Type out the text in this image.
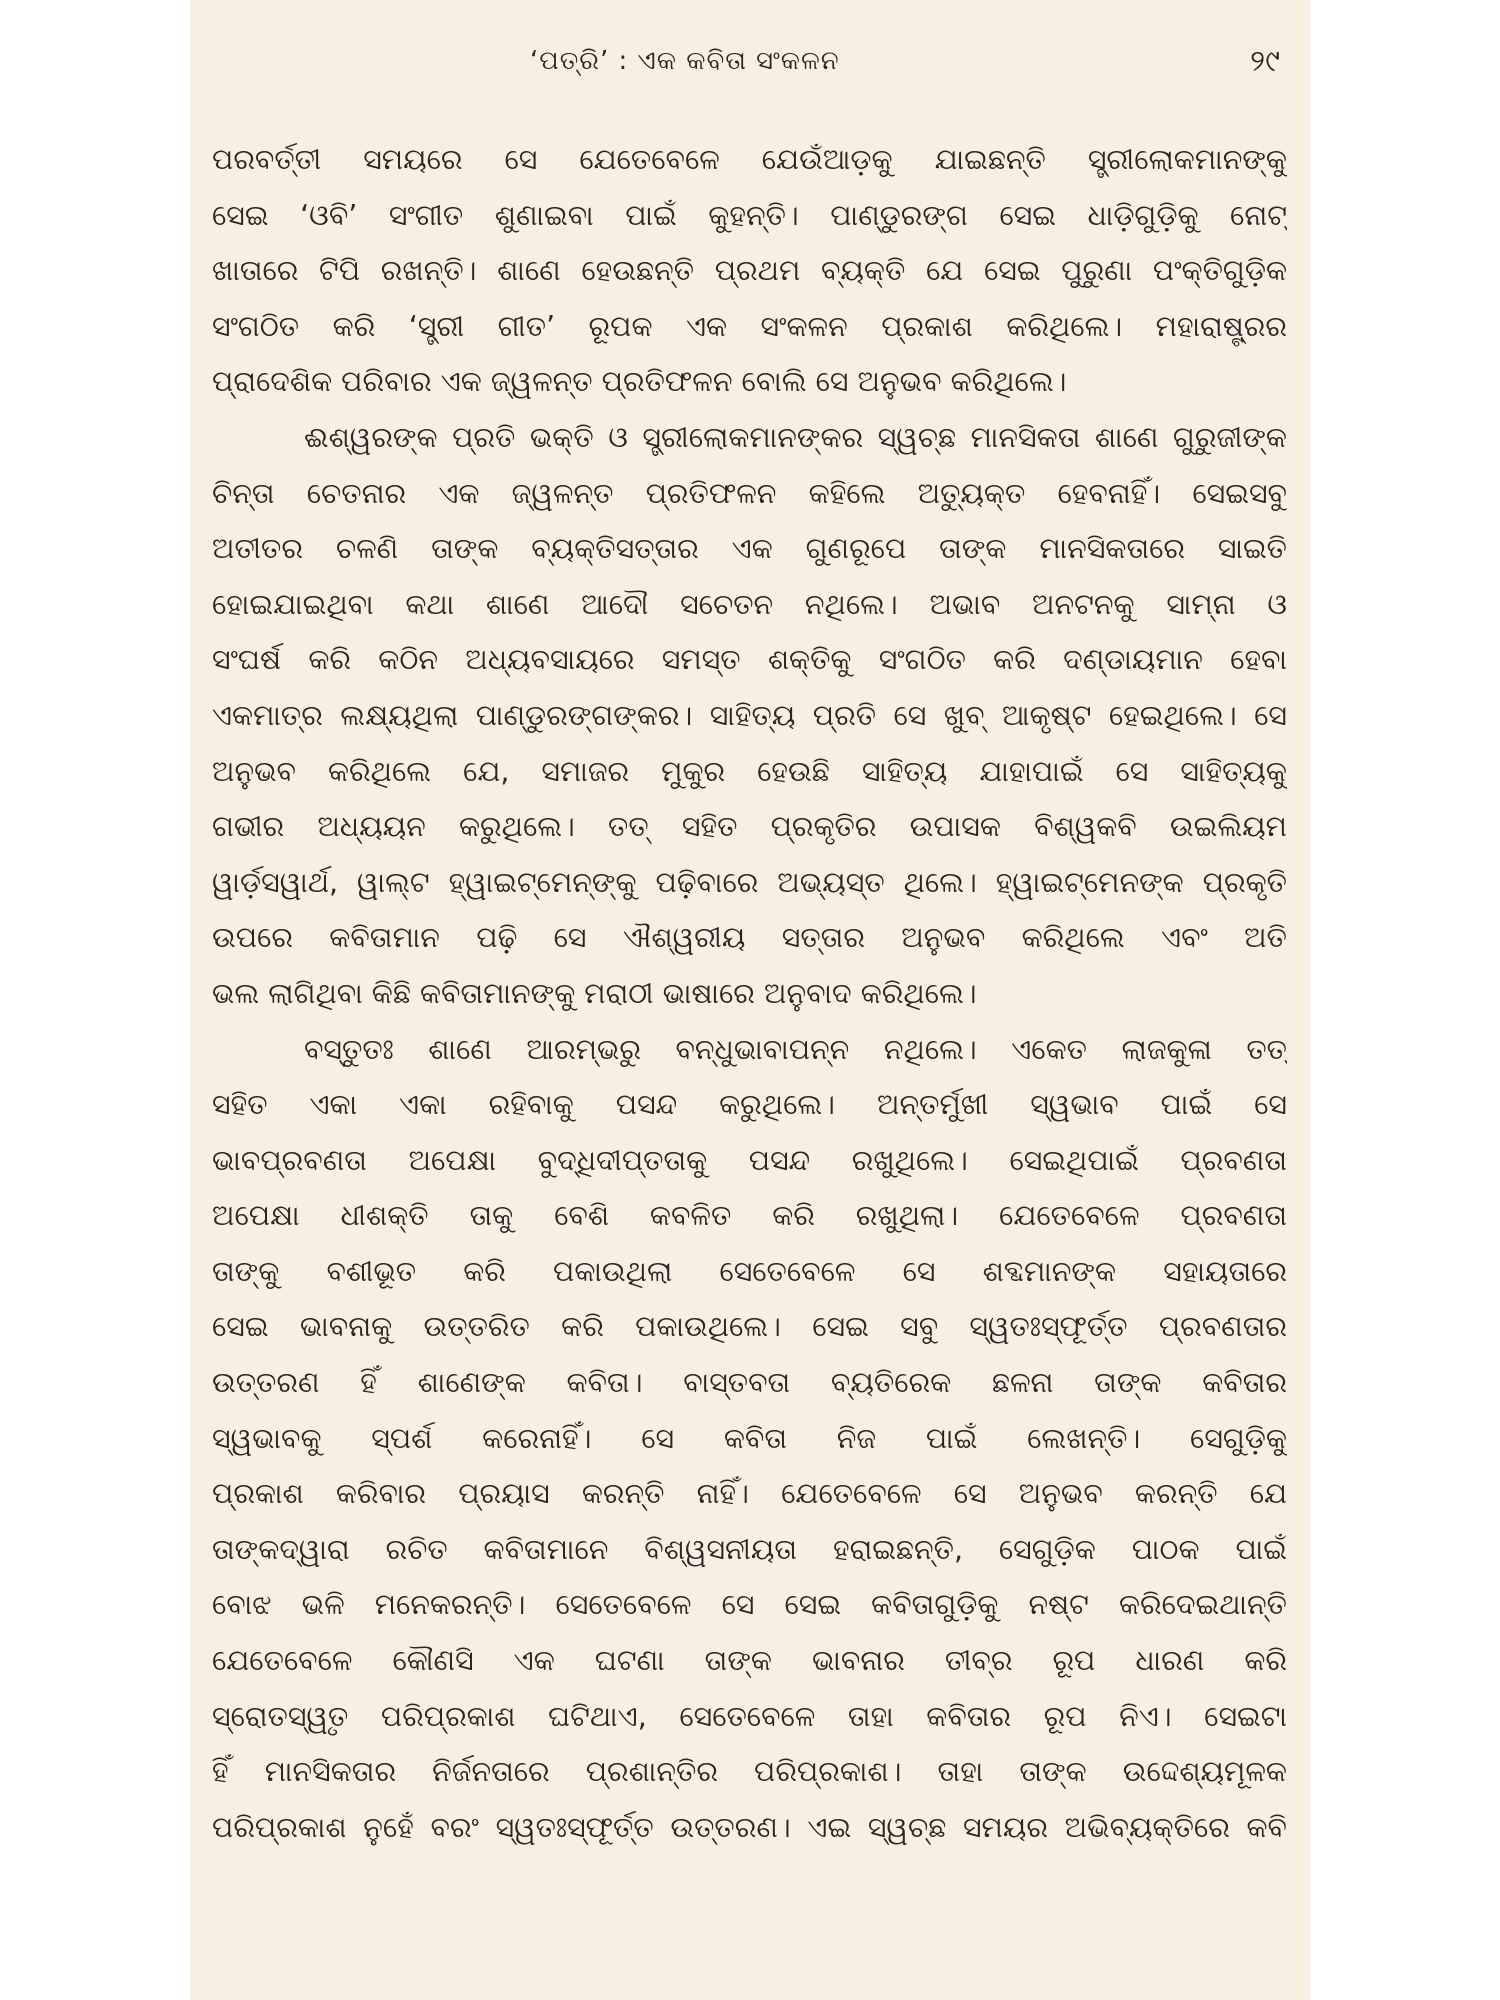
‘ପତ୍ରି’ : ଏକ କବିତା ସଂକଳନ	୨୯
ପରବର୍ତ୍ତୀ ସମୟରେ ସେ ଯେତେବେଳେ ଯେଉଁଆଡ଼କୁ ଯାଇଛନ୍ତି ସ୍ତ୍ରୀଲୋକମାନଙ୍କୁ
ସେଇ ‘ଓବି’ ସଂଗୀତ ଶୁଣାଇବା ପାଇଁ କୁହନ୍ତି। ପାଣ୍ଡୁରଙ୍ଗ ସେଇ ଧାଡ଼ିଗୁଡ଼ିକୁ ନୋଟ୍
ଖାତାରେ ଟିପି ରଖନ୍ତି। ଶାଣେ ହେଉଛନ୍ତି ପ୍ରଥମ ବ୍ୟକ୍ତି ଯେ ସେଇ ପୁରୁଣା ପଂକ୍ତିଗୁଡ଼ିକ
ସଂଗଠିତ କରି ‘ସ୍ତ୍ରୀ ଗୀତ’ ରୂପକ ଏକ ସଂକଳନ ପ୍ରକାଶ କରିଥିଲେ। ମହାରାଷ୍ଟ୍ରର
ପ୍ରାଦେଶିକ ପରିବାର ଏକ ଜ୍ୱଳନ୍ତ ପ୍ରତିଫଳନ ବୋଲି ସେ ଅନୁଭବ କରିଥିଲେ।
ଈଶ୍ୱରଙ୍କ ପ୍ରତି ଭକ୍ତି ଓ ସ୍ତ୍ରୀଲୋକମାନଙ୍କର ସ୍ୱଚ୍ଛ ମାନସିକତା ଶାଣେ ଗୁରୁଜୀଙ୍କ
ଚିନ୍ତା ଚେତନାର ଏକ ଜ୍ୱଳନ୍ତ ପ୍ରତିଫଳନ କହିଲେ ଅତ୍ୟୁକ୍ତ ହେବନାହିଁ। ସେଇସବୁ
ଅତୀତର ଚଳଣି ତାଙ୍କ ବ୍ୟକ୍ତିସତ୍ତାର ଏକ ଗୁଣରୂପେ ତାଙ୍କ ମାନସିକତାରେ ସାଇତି
ହୋଇଯାଇଥିବା କଥା ଶାଣେ ଆଦୌ ସଚେତନ ନଥିଲେ। ଅଭାବ ଅନଟନକୁ ସାମ୍ନା ଓ
ସଂଘର୍ଷ କରି କଠିନ ଅଧ୍ୟବସାୟରେ ସମସ୍ତ ଶକ୍ତିକୁ ସଂଗଠିତ କରି ଦଣ୍ଡାୟମାନ ହେବା
ଏକମାତ୍ର ଲକ୍ଷ୍ୟଥିଲା ପାଣ୍ଡୁରଙ୍ଗଙ୍କର। ସାହିତ୍ୟ ପ୍ରତି ସେ ଖୁବ୍ ଆକୃଷ୍ଟ ହେଇଥିଲେ। ସେ
ଅନୁଭବ କରିଥିଲେ ଯେ, ସମାଜର ମୁକୁର ହେଉଛି ସାହିତ୍ୟ ଯାହାପାଇଁ ସେ ସାହିତ୍ୟକୁ
ଗଭୀର ଅଧ୍ୟୟନ କରୁଥିଲେ। ତତ୍ ସହିତ ପ୍ରକୃତିର ଉପାସକ ବିଶ୍ୱକବି ଉଇଲିୟମ
ୱାର୍ଡ଼ସୱାର୍ଥ, ୱାଲ୍ଟ ହ୍ୱାଇଟ୍ମେନ୍ଙ୍କୁ ପଢ଼ିବାରେ ଅଭ୍ୟସ୍ତ ଥିଲେ। ହ୍ୱାଇଟ୍ମେନଙ୍କ ପ୍ରକୃତି
ଉପରେ କବିତାମାନ ପଢ଼ି ସେ ଐଶ୍ୱରୀୟ ସତ୍ତାର ଅନୁଭବ କରିଥିଲେ ଏବଂ ଅତି
ଭଲ ଲାଗିଥିବା କିଛି କବିତାମାନଙ୍କୁ ମରାଠୀ ଭାଷାରେ ଅନୁବାଦ କରିଥିଲେ।
ବସ୍ତୁତଃ ଶାଣେ ଆରମ୍ଭରୁ ବନ୍ଧୁଭାବାପନ୍ନ ନଥିଲେ। ଏକେତ ଲାଜକୁଳା ତତ୍
ସହିତ ଏକା ଏକା ରହିବାକୁ ପସନ୍ଦ କରୁଥିଲେ। ଅନ୍ତର୍ମୁଖୀ ସ୍ୱଭାବ ପାଇଁ ସେ
ଭାବପ୍ରବଣତା ଅପେକ୍ଷା ବୁଦ୍ଧିଦୀପ୍ତତାକୁ ପସନ୍ଦ ରଖୁଥିଲେ। ସେଇଥିପାଇଁ ପ୍ରବଣତା
ଅପେକ୍ଷା ଧୀଶକ୍ତି ତାକୁ ବେଶି କବଳିତ କରି ରଖୁଥିଲା। ଯେତେବେଳେ ପ୍ରବଣତା
ତାଙ୍କୁ ବଶୀଭୂତ କରି ପକାଉଥିଲା ସେତେବେଳେ ସେ ଶବ୍ଦମାନଙ୍କ ସହାୟତାରେ
ସେଇ ଭାବନାକୁ ଉତ୍ତରିତ କରି ପକାଉଥିଲେ। ସେଇ ସବୁ ସ୍ୱତଃସ୍ଫୂର୍ତ୍ତ ପ୍ରବଣତାର
ଉତ୍ତରଣ ହିଁ ଶାଣେଙ୍କ କବିତା। ବାସ୍ତବତା ବ୍ୟତିରେକ ଛଳନା ତାଙ୍କ କବିତାର
ସ୍ୱଭାବକୁ ସ୍ପର୍ଶ କରେନାହିଁ। ସେ କବିତା ନିଜ ପାଇଁ ଲେଖନ୍ତି। ସେଗୁଡ଼ିକୁ
ପ୍ରକାଶ କରିବାର ପ୍ରୟାସ କରନ୍ତି ନାହିଁ। ଯେତେବେଳେ ସେ ଅନୁଭବ କରନ୍ତି ଯେ
ତାଙ୍କଦ୍ୱାରା ରଚିତ କବିତାମାନେ ବିଶ୍ୱସନୀୟତା ହରାଇଛନ୍ତି, ସେଗୁଡ଼ିକ ପାଠକ ପାଇଁ
ବୋଝ ଭଳି ମନେକରନ୍ତି। ସେତେବେଳେ ସେ ସେଇ କବିତାଗୁଡ଼ିକୁ ନଷ୍ଟ କରିଦେଇଥାନ୍ତି
ଯେତେବେଳେ କୌଣସି ଏକ ଘଟଣା ତାଙ୍କ ଭାବନାର ତୀବ୍ର ରୂପ ଧାରଣ କରି
ସ୍ରୋତସ୍ୱୃତ ପରିପ୍ରକାଶ ଘଟିଥାଏ, ସେତେବେଳେ ତାହା କବିତାର ରୂପ ନିଏ। ସେଇଟା
ହିଁ ମାନସିକତାର ନିର୍ଜନତାରେ ପ୍ରଶାନ୍ତିର ପରିପ୍ରକାଶ। ତାହା ତାଙ୍କ ଉଦ୍ଦେଶ୍ୟମୂଳକ
ପରିପ୍ରକାଶ ନୁହେଁ ବରଂ ସ୍ୱତଃସ୍ଫୂର୍ତ୍ତ ଉତ୍ତରଣ। ଏଇ ସ୍ୱଚ୍ଛ ସମୟର ଅଭିବ୍ୟକ୍ତିରେ କବି
